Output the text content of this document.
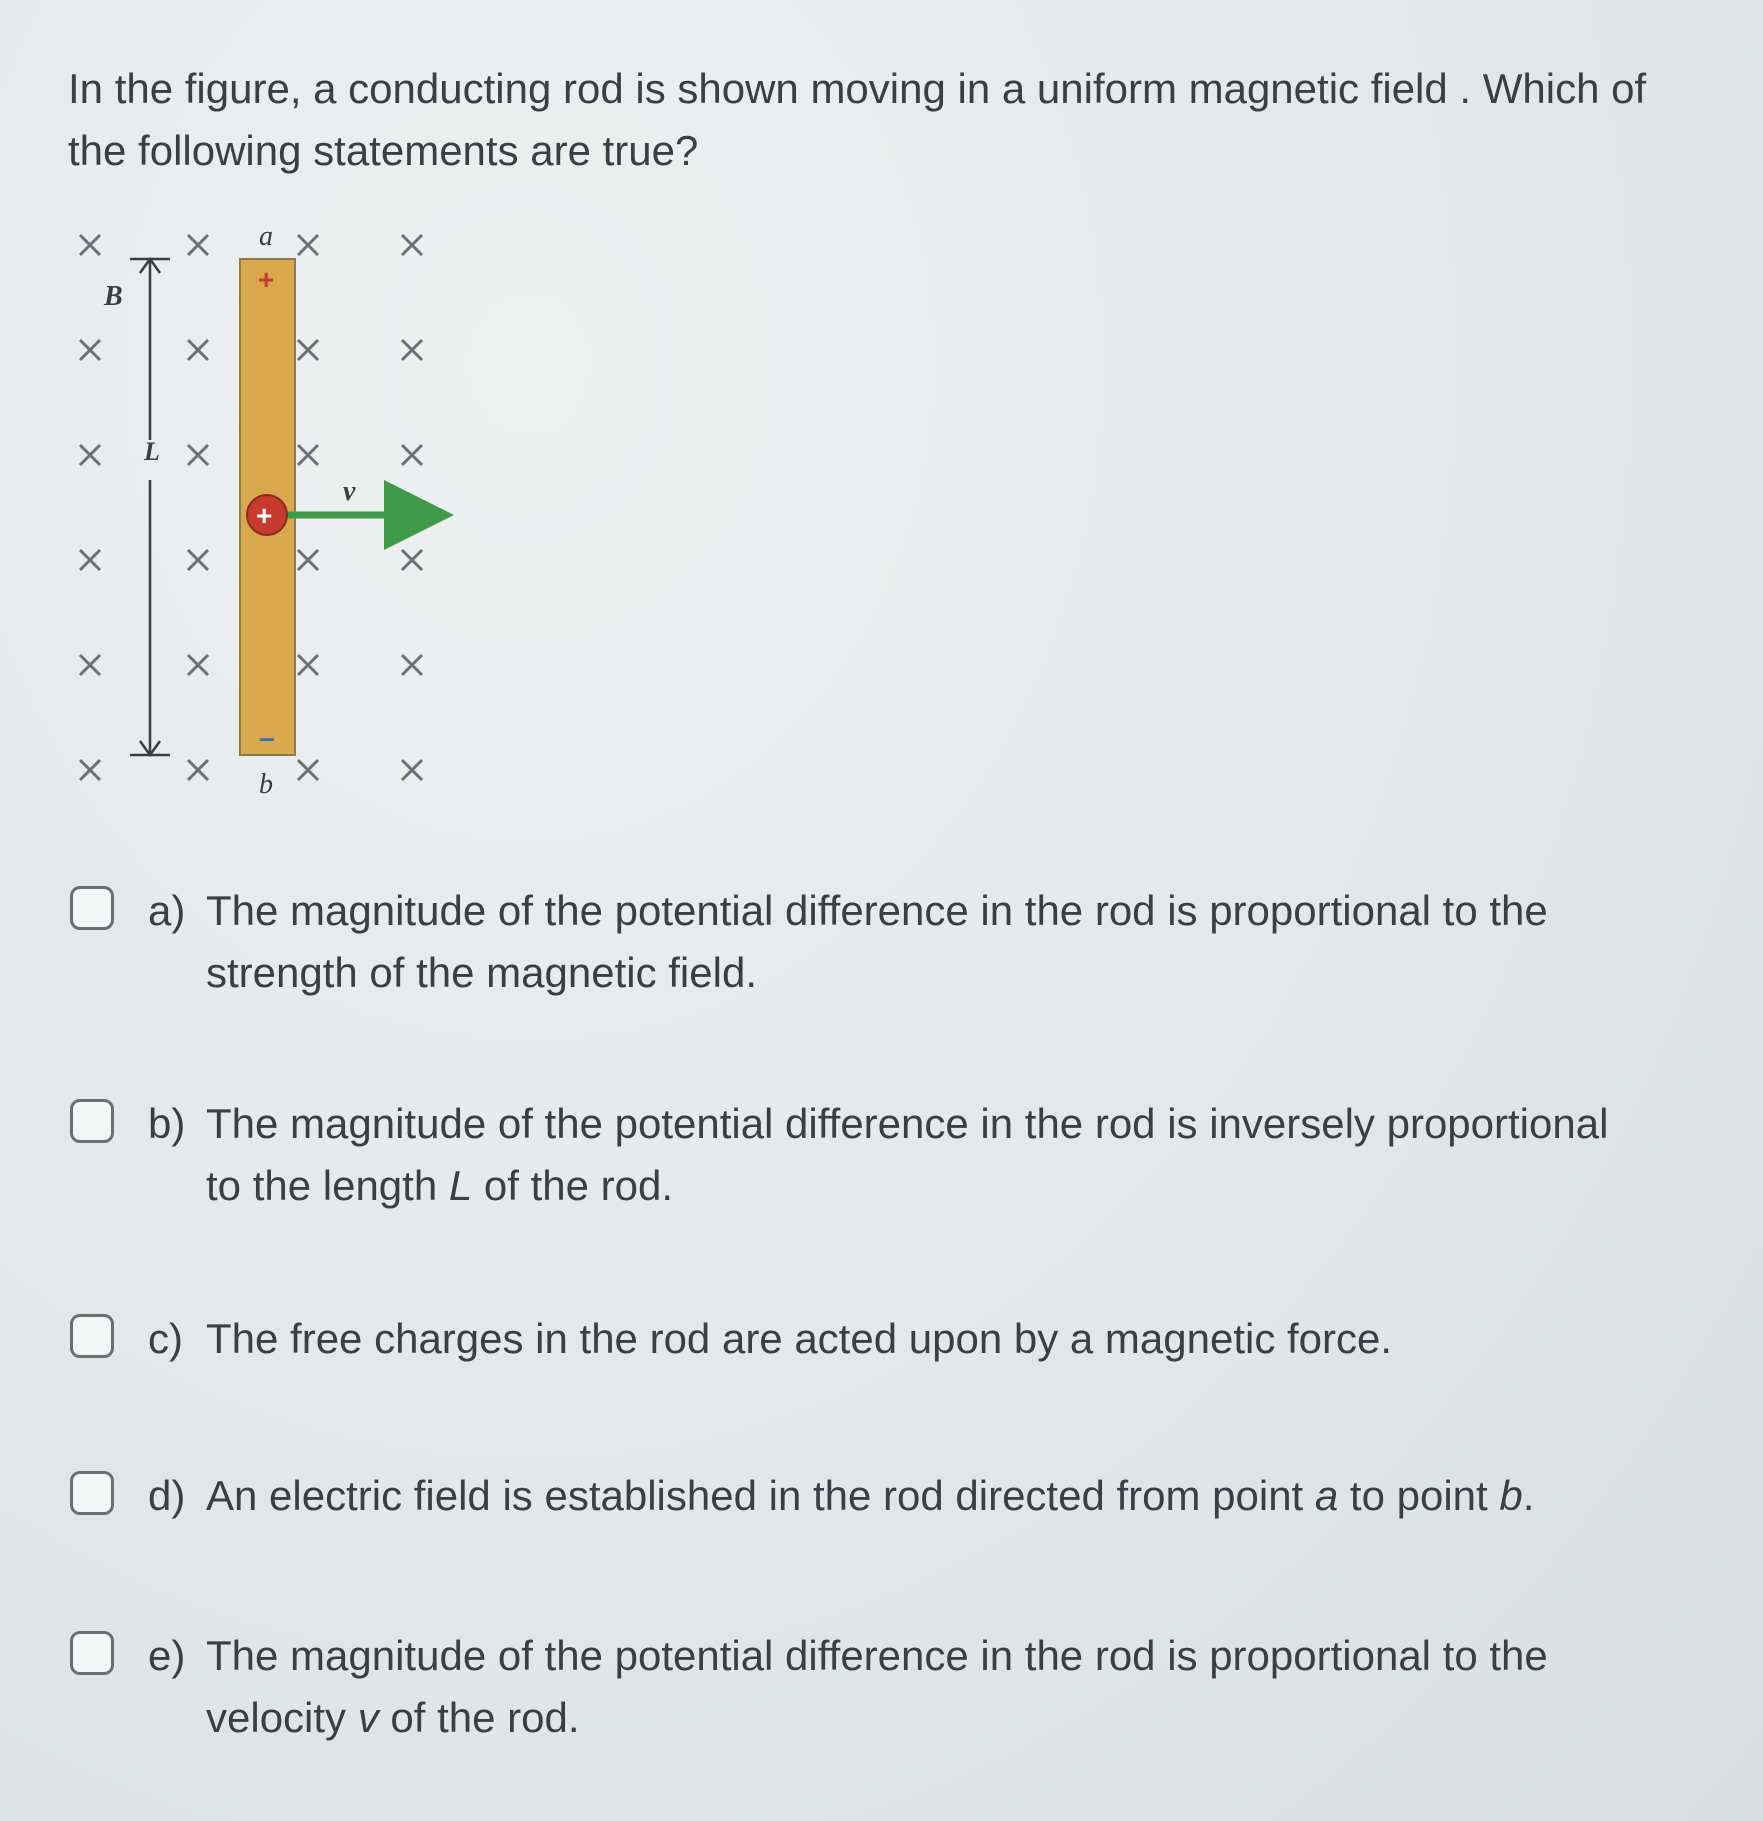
In the figure, a conducting rod is shown moving in a uniform magnetic field . Which of the following statements are true?

L
B⃗
+
–
a
b
v⃗
+
a) The magnitude of the potential difference in the rod is proportional to the strength of the magnetic field.
b) The magnitude of the potential difference in the rod is inversely proportional to the length L of the rod.
c) The free charges in the rod are acted upon by a magnetic force.
d) An electric field is established in the rod directed from point a to point b.
e) The magnitude of the potential difference in the rod is proportional to the velocity v of the rod.
